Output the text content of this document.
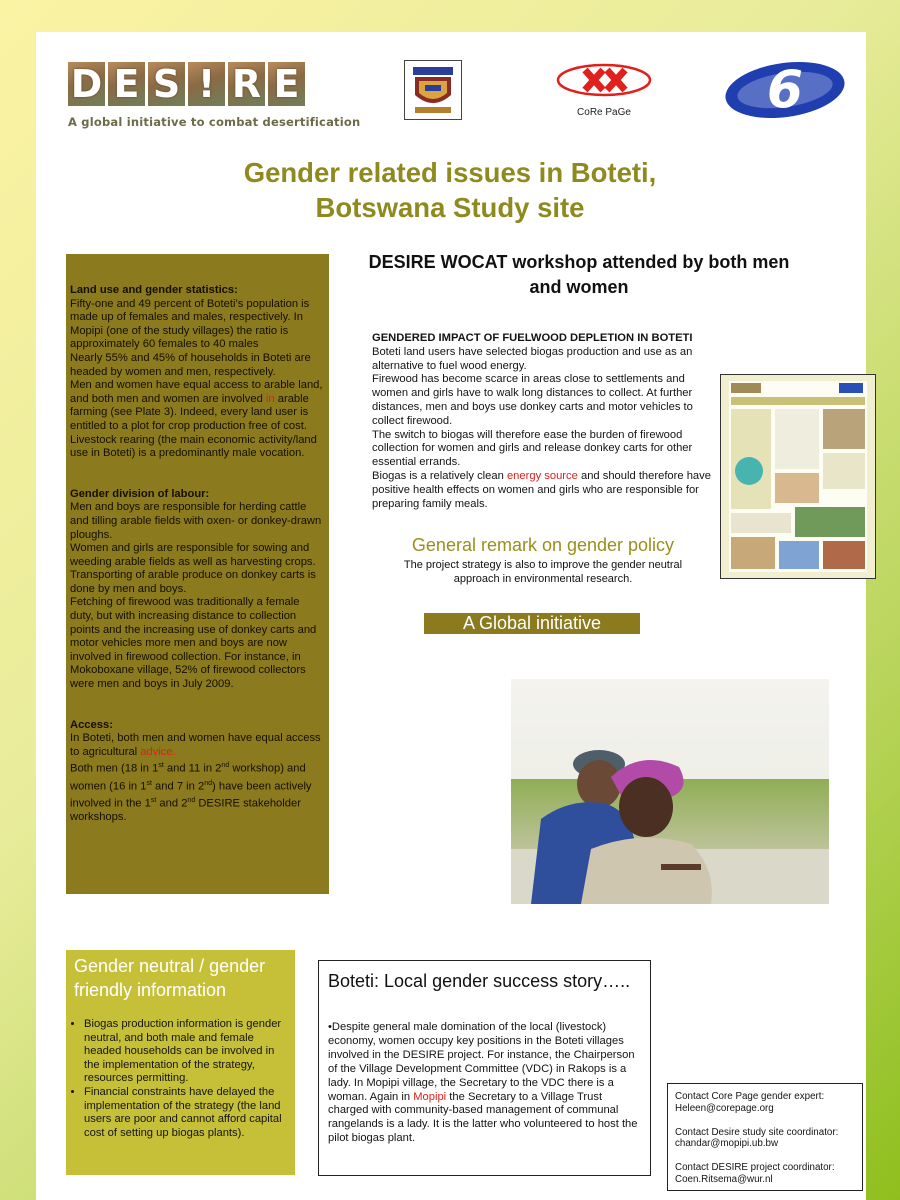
D E S ! R E
A global initiative to combat desertification
CoRe PaGe	6
Gender related issues in Boteti,
Botswana Study site

Land use and gender statistics:

Fifty-one and 49 percent of Boteti’s population is made up of females and males, respectively. In Mopipi (one of the study villages) the ratio is approximately 60 females to 40 males

Nearly 55% and 45% of households in Boteti are headed by women and men, respectively.

Men and women have equal access to arable land, and both men and women are involved in arable farming (see Plate 3). Indeed, every land user is entitled to a plot for crop production free of cost.

Livestock rearing (the main economic activity/land use in Boteti) is a predominantly male vocation.

Gender division of labour:

Men and boys are responsible for herding cattle and tilling arable fields with oxen- or donkey-drawn ploughs.

Women and girls are responsible for sowing and weeding arable fields as well as harvesting crops. Transporting of arable produce on donkey carts is done by men and boys.

Fetching of firewood was traditionally a female duty, but with increasing distance to collection points and the increasing use of donkey carts and motor vehicles more men and boys are now involved in firewood collection. For instance, in Mokoboxane village, 52% of firewood collectors were men and boys in July 2009.

Access:

In Boteti, both men and women have equal access to agricultural advice.

Both men (18 in 1st and 11 in 2nd workshop) and women (16 in 1st and 7 in 2nd) have been actively involved in the 1st and 2nd DESIRE stakeholder workshops.

DESIRE WOCAT workshop attended by both men and women

GENDERED IMPACT OF FUELWOOD DEPLETION IN BOTETI

Boteti land users have selected biogas production and use as an alternative to fuel wood energy.

Firewood has become scarce in areas close to settlements and women and girls have to walk long distances to collect. At further distances, men and boys use donkey carts and motor vehicles to collect firewood.

The switch to biogas will therefore ease the burden of firewood collection for women and girls and release donkey carts for other essential errands.

Biogas is a relatively clean energy source and should therefore have positive health effects on women and girls who are responsible for preparing family meals.

General remark on gender policy
The project strategy is also to improve the gender neutral approach in environmental research.
A Global initiative
Gender neutral / gender friendly information
• Biogas production information is gender neutral, and both male and female headed households can be involved in the implementation of the strategy, resources permitting.
• Financial constraints have delayed the implementation of the strategy (the land users are poor and cannot afford capital cost of setting up biogas plants).
Boteti: Local gender success story…..
•Despite general male domination of the local (livestock) economy, women occupy key positions in the Boteti villages involved in the DESIRE project. For instance, the Chairperson of the Village Development Committee (VDC) in Rakops is a lady. In Mopipi village, the Secretary to the VDC there is a woman. Again in Mopipi the Secretary to a Village Trust charged with community-based management of communal rangelands is a lady. It is the latter who volunteered to host the pilot biogas plant.
Contact Core Page gender expert:
Heleen@corepage.org
Contact Desire study site coordinator:
chandar@mopipi.ub.bw
Contact DESIRE project coordinator:
Coen.Ritsema@wur.nl
